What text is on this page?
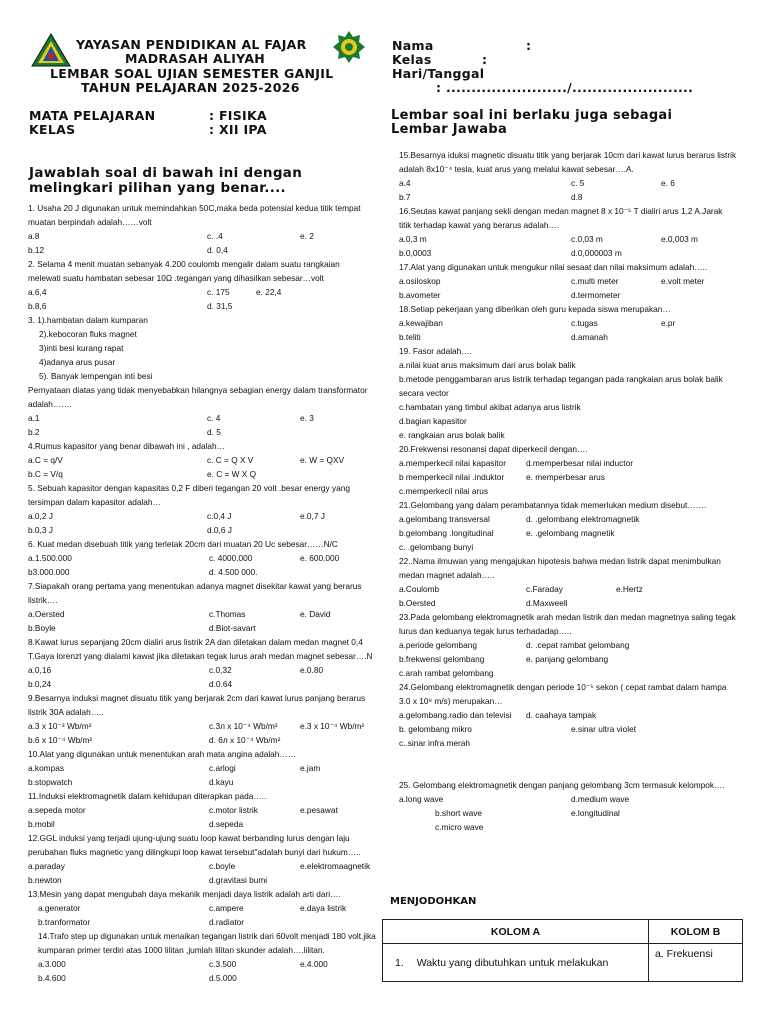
YAYASAN PENDIDIKAN AL FAJAR
MADRASAH ALIYAH
LEMBAR SOAL UJIAN SEMESTER GANJIL
TAHUN PELAJARAN 2025-2026
MATA PELAJARAN	: FISIKA
KELAS	: XII IPA
Jawablah soal di bawah ini dengan
melingkari pilihan yang benar....
Nama	:
Kelas	:
Hari/Tanggal
: ......................../........................
Lembar soal ini berlaku juga sebagai
Lembar Jawaba
1. Usaha 20 J digunakan untuk memindahkan 50C,maka beda potensial kedua titik tempat
muatan berpindah adalah……volt
a.8	c. .4	e. 2
b.12	d. 0,4
2. Selama 4 menit muatan sebanyak 4.200 coulomb mengalir dalam suatu rangkaian
melewati suatu hambatan sebesar 10Ω .tegangan yang dihasilkan sebesar…volt
a.6,4	c. 175	e. 22,4
b.8,6	d. 31,5
3. 1).hambatan dalam kumparan
2).kebocoran fluks magnet
3)inti besi kurang rapat
4)adanya arus pusar
5). Banyak lempengan inti besi
Pernyataan diatas yang tidak menyebabkan hilangnya sebagian energy dalam transformator
adalah…….
a.1	c. 4	e. 3
b.2	d. 5
4.Rumus kapasitor yang benar dibawah ini , adalah…
a.C = q/V	c. C = Q X V	e. W = QXV
b.C = V/q	e. C = W X Q
5. Sebuah kapasitor dengan kapasitas 0,2 F diberi tegangan 20 volt .besar energy yang
tersimpan dalam kapasitor adalah…
a.0,2 J	c.0,4 J	e.0,7 J
b.0,3 J	d.0,6 J
6. Kuat medan disebuah titik yang terletak 20cm dari muatan 20 Uc sebesar……N/C
a.1.500.000	c. 4000.000	e. 600.000
b3.000.000	d. 4.500 000.
7.Siapakah orang pertama yang menentukan adanya magnet disekitar kawat yang berarus
listrik….
a.Oersted	c.Thomas	e. David
b.Boyle	d.Biot-savart
8.Kawat lurus sepanjang 20cm dialiri arus listrik 2A dan diletakan dalam medan magnet 0,4
T.Gaya lorenzt yang dialami kawat jika diletakan tegak lurus arah medan magnet sebesar….N
a.0,16	c.0,32	e.0.80
b.0,24	d.0.64
9.Besarnya induksi magnet disuatu titik yang berjarak 2cm dari kawat lurus panjang berarus
listrik 30A adalah…..
a.3 x 10⁻³ Wb/m²	c.3л x 10⁻⁴ Wb/m²	e.3 x 10⁻⁴ Wb/m²
b.6 x 10⁻⁴ Wb/m²	d. 6л x 10⁻⁴ Wb/m²
10.Alat yang digunakan untuk menentukan arah mata angina adalah……
a.kompas	c.arlogi	e.jam
b.stopwatch	d.kayu
11.Induksi elektromagnetik dalam kehidupan diterapkan pada…..
a.sepeda motor	c.motor listrik	e.pesawat
b.mobil	d.sepeda
12.GGL induksi yang terjadi ujung-ujung suatu loop kawat berbanding lurus dengan laju
perubahan fluks magnetic yang dilingkupi loop kawat tersebut"adalah bunyi dari hukum…..
a.paraday	c.boyle	e.elektromaagnetik
b.newton	d.gravitasi bumi
13.Mesin yang dapat mengubah daya mekanik menjadi daya listrik adalah arti dari….
a.generator	c.ampere	e.daya listrik
b.tranformator	d.radiator
14.Trafo step up digunakan untuk menaikan tegangan listrik dari 60volt menjadi 180 volt.jika
kumparan primer terdiri atas 1000 lilitan ,jumlah lilitan skunder adalah….lilitan.
a.3.000	c.3.500	e.4.000
b.4.600	d.5.000
15.Besarnya iduksi magnetic disuatu titik yang berjarak 10cm dari kawat lurus berarus listrik
adalah 8x10⁻⁴ tesla, kuat arus yang melalui kawat sebesar….A.
a.4	c. 5	e. 6
b.7	d.8
16.Seutas kawat panjang sekli dengan medan magnet 8 x 10⁻⁵ T dialiri arus 1,2 A.Jarak
titik terhadap kawat yang berarus adalah….
a.0,3 m	c.0,03 m	e.0,003 m
b.0,0003	d.0,000003 m
17.Alat yang digunakan untuk mengukur nilai sesaat dan nilai maksimum adalah…..
a.osiloskop	c.multi meter	e.volt meter
b.avometer	d.termometer
18.Setiap pekerjaan yang diberikan oleh guru kepada siswa merupakan…
a.kewajiban	c.tugas	e.pr
b.teliti	d.amanah
19. Fasor adalah….
a.nilai kuat arus maksimum dari arus bolak balik
b.metode penggambaran arus listrik terhadap tegangan pada rangkaian arus bolak balik
secara vector
c.hambatan yang timbul akibat adanya arus listrik
d.bagian kapasitor
e. rangkaian arus bolak balik
20.Frekwensi resonansi dapat diperkecil dengan….
a.memperkecil nilai kapasitor d.memperbesar nilai inductor
b memperkecil nilai .induktor	e. memperbesar arus
c.memperkecil nilai arus
21.Gelombang yang dalam perambatannya tidak memerlukan medium disebut…….
a.gelombang transversal	d. .gelombang elektromagnetik
b.gelombang .longitudinal	e. .gelombang magnetik
c. .gelombang bunyi
22..Nama ilmuwan yang mengajukan hipotesis bahwa medan listrik dapat menimbulkan
medan magnet adalah…..
a.Coulomb	c.Faraday	e.Hertz
b.Oersted	d.Maxweell
23.Pada gelombang elektromagnetik arah medan listrik dan medan magnetnya saling tegak
lurus dan keduanya tegak lurus terhadadap…..
a.periode gelombang	d. .cepat rambat gelombang
b.frekwensi gelombang	e. panjang gelombang
c.arah rambat gelombang
24.Gelombang elektromagnetik dengan periode 10⁻⁵ sekon ( cepat rambat dalam hampa
3.0 x 10⁸ m/s) merupakan…
a.gelombang.radio dan televisi d. caahaya tampak
b. gelombang mikro	e.sinar ultra violet
c..sinar infra merah
25. Gelombang elektromagnetik dengan panjang gelombang 3cm termasuk kelompok….
a.long wave	d.medium wave
b.short wave	e.longitudinal
c.micro wave
MENJODOHKAN
KOLOM A	KOLOM B
1. Waktu yang dibutuhkan untuk melakukan	a. Frekuensi
